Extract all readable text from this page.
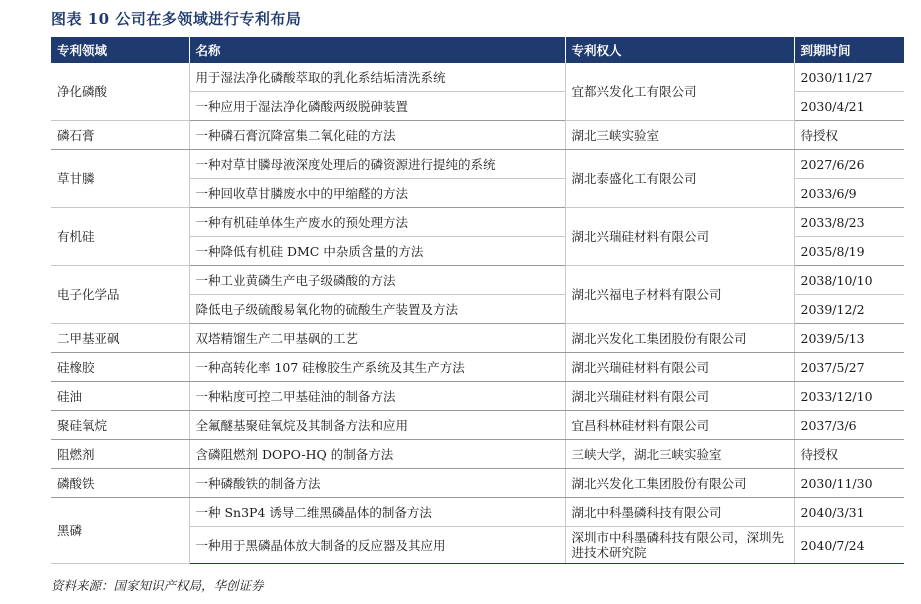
图表 10 公司在多领域进行专利布局
专利领域	名称	专利权人	到期时间
净化磷酸	用于湿法净化磷酸萃取的乳化系结垢清洗系统	宜都兴发化工有限公司	2030/11/27
	一种应用于湿法净化磷酸两级脱砷装置		2030/4/21
磷石膏	一种磷石膏沉降富集二氧化硅的方法	湖北三峡实验室	待授权
草甘膦	一种对草甘膦母液深度处理后的磷资源进行提纯的系统	湖北泰盛化工有限公司	2027/6/26
	一种回收草甘膦废水中的甲缩醛的方法		2033/6/9
有机硅	一种有机硅单体生产废水的预处理方法	湖北兴瑞硅材料有限公司	2033/8/23
	一种降低有机硅 DMC 中杂质含量的方法		2035/8/19
电子化学品	一种工业黄磷生产电子级磷酸的方法	湖北兴福电子材料有限公司	2038/10/10
	降低电子级硫酸易氧化物的硫酸生产装置及方法		2039/12/2
二甲基亚砜	双塔精馏生产二甲基砜的工艺	湖北兴发化工集团股份有限公司	2039/5/13
硅橡胶	一种高转化率 107 硅橡胶生产系统及其生产方法	湖北兴瑞硅材料有限公司	2037/5/27
硅油	一种粘度可控二甲基硅油的制备方法	湖北兴瑞硅材料有限公司	2033/12/10
聚硅氧烷	全氟醚基聚硅氧烷及其制备方法和应用	宜昌科林硅材料有限公司	2037/3/6
阻燃剂	含磷阻燃剂 DOPO-HQ 的制备方法	三峡大学，湖北三峡实验室	待授权
磷酸铁	一种磷酸铁的制备方法	湖北兴发化工集团股份有限公司	2030/11/30
黑磷	一种 Sn3P4 诱导二维黑磷晶体的制备方法	湖北中科墨磷科技有限公司	2040/3/31
	一种用于黑磷晶体放大制备的反应器及其应用	深圳市中科墨磷科技有限公司，深圳先进技术研究院	2040/7/24
资料来源：国家知识产权局，华创证券
